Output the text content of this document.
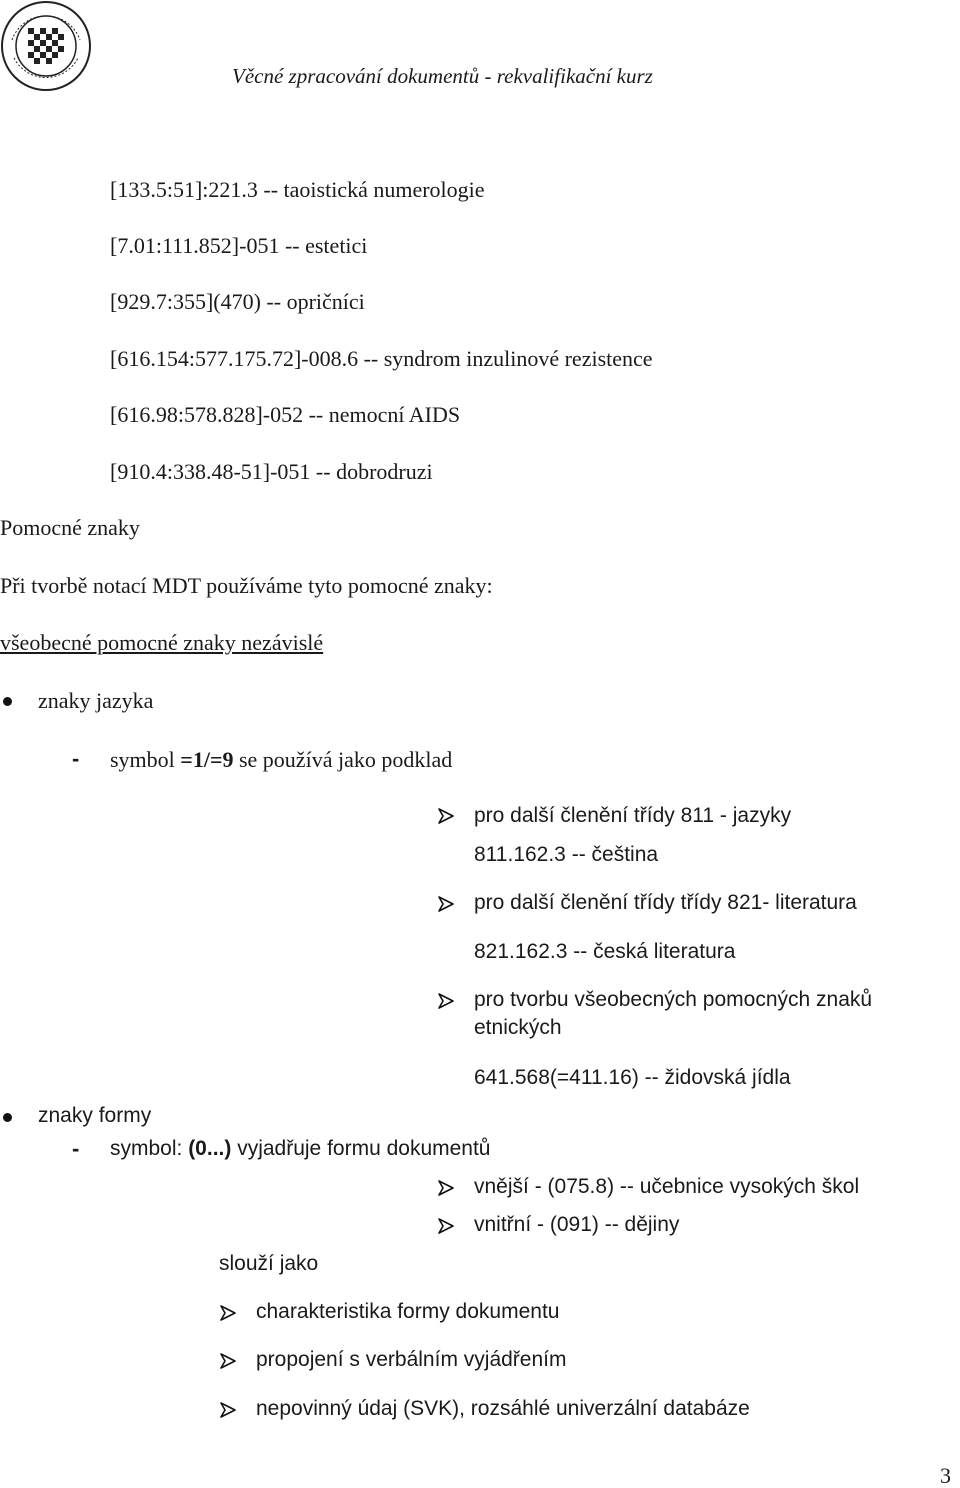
Věcné zpracování dokumentů - rekvalifikační kurz
[133.5:51]:221.3 -- taoistická numerologie
[7.01:111.852]-051 -- estetici
[929.7:355](470) -- opričníci
[616.154:577.175.72]-008.6 -- syndrom inzulinové rezistence
[616.98:578.828]-052 -- nemocní AIDS
[910.4:338.48-51]-051 -- dobrodruzi
Pomocné znaky
Při tvorbě notací MDT používáme tyto pomocné znaky:
všeobecné pomocné znaky nezávislé
znaky jazyka
- symbol =1/=9 se používá jako podklad
pro další členění třídy 811 - jazyky
811.162.3 -- čeština
pro další členění třídy třídy 821- literatura
821.162.3 -- česká literatura
pro tvorbu všeobecných pomocných znaků
etnických
641.568(=411.16) -- židovská jídla
znaky formy
- symbol: (0...) vyjadřuje formu dokumentů
vnější - (075.8) -- učebnice vysokých škol
vnitřní - (091) -- dějiny
slouží jako
charakteristika formy dokumentu
propojení s verbálním vyjádřením
nepovinný údaj (SVK), rozsáhlé univerzální databáze
3
